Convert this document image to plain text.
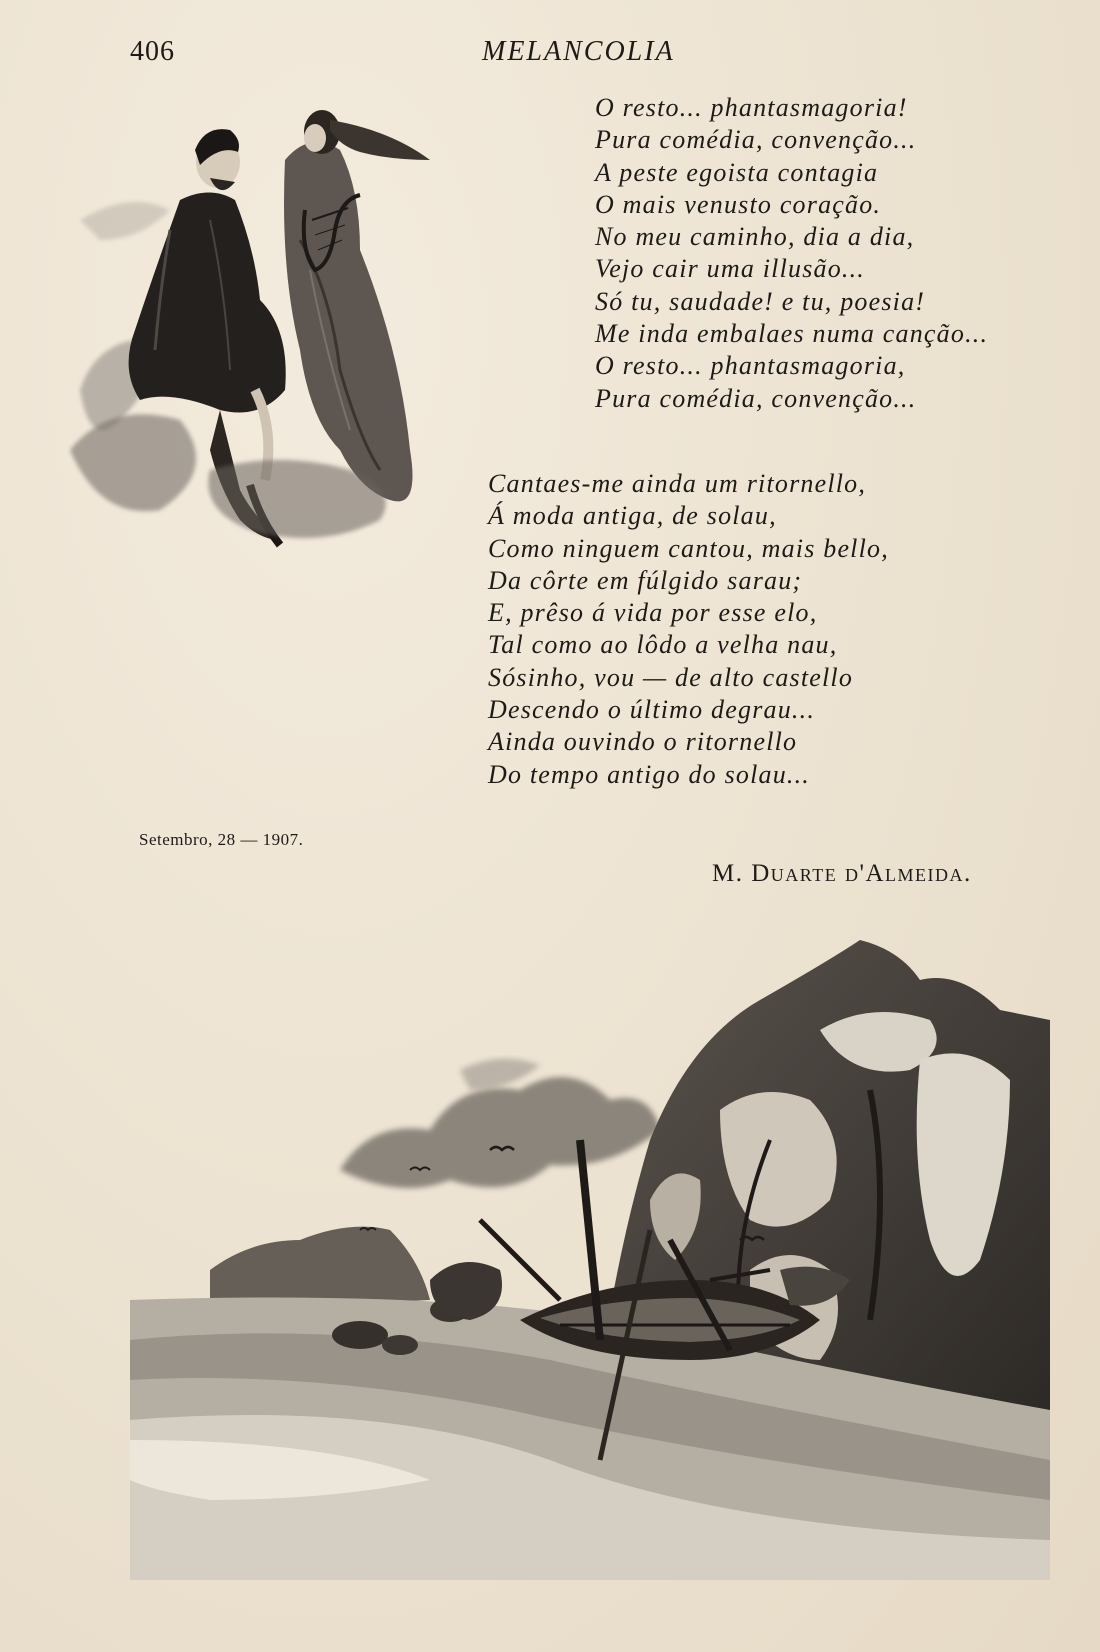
406	MELANCOLIA
O resto... phantasmagoria!
Pura comédia, convenção...
A peste egoista contagia
O mais venusto coração.
No meu caminho, dia a dia,
Vejo cair uma illusão...
Só tu, saudade! e tu, poesia!
Me inda embalaes numa canção...
O resto... phantasmagoria,
Pura comédia, convenção...
Cantaes-me ainda um ritornello,
Á moda antiga, de solau,
Como ninguem cantou, mais bello,
Da côrte em fúlgido sarau;
E, prêso á vida por esse elo,
Tal como ao lôdo a velha nau,
Sósinho, vou — de alto castello
Descendo o último degrau...
Ainda ouvindo o ritornello
Do tempo antigo do solau...
Setembro, 28 — 1907.
M. Duarte d'Almeida.
